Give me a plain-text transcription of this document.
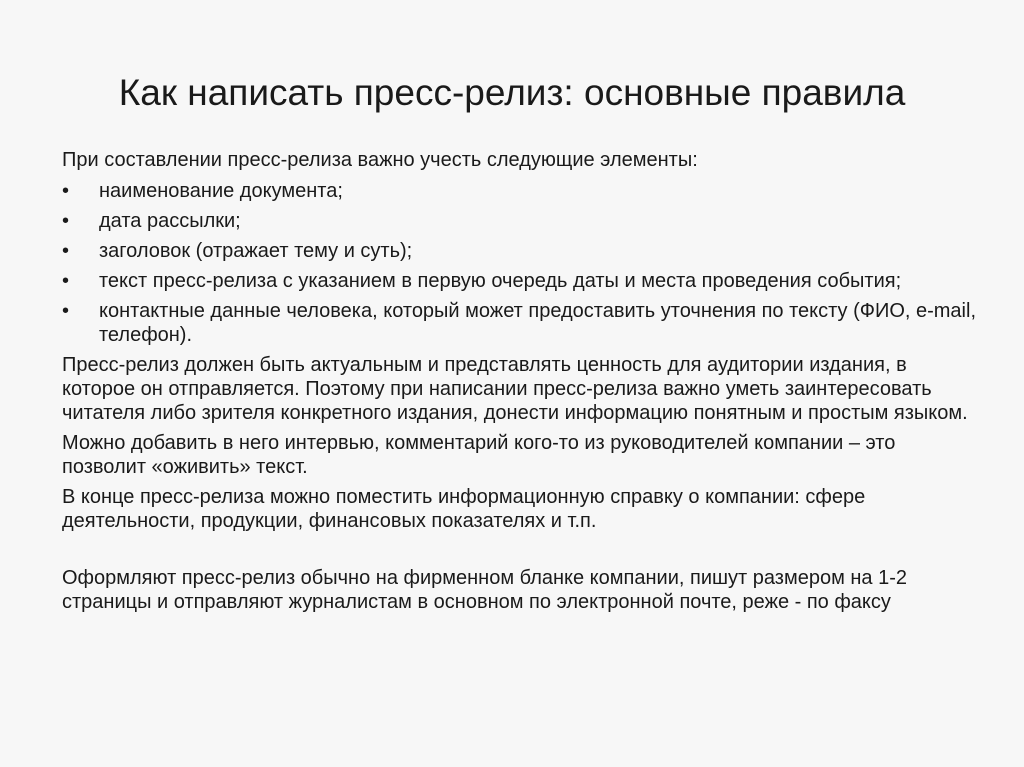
Как написать пресс-релиз: основные правила

При составлении пресс-релиза важно учесть следующие элементы:

• наименование документа;
• дата рассылки;
• заголовок (отражает тему и суть);
• текст пресс-релиза с указанием в первую очередь даты и места проведения события;
• контактные данные человека, который может предоставить уточнения по тексту (ФИО, e-mail, телефон).

Пресс-релиз должен быть актуальным и представлять ценность для аудитории издания, в которое он отправляется. Поэтому при написании пресс-релиза важно уметь заинтересовать читателя либо зрителя конкретного издания, донести информацию понятным и простым языком.

Можно добавить в него интервью, комментарий кого-то из руководителей компании – это позволит «оживить» текст.

В конце пресс-релиза можно поместить информационную справку о компании: сфере деятельности, продукции, финансовых показателях и т.п.

Оформляют пресс-релиз обычно на фирменном бланке компании, пишут размером на 1-2 страницы и отправляют журналистам в основном по электронной почте, реже - по факсу
